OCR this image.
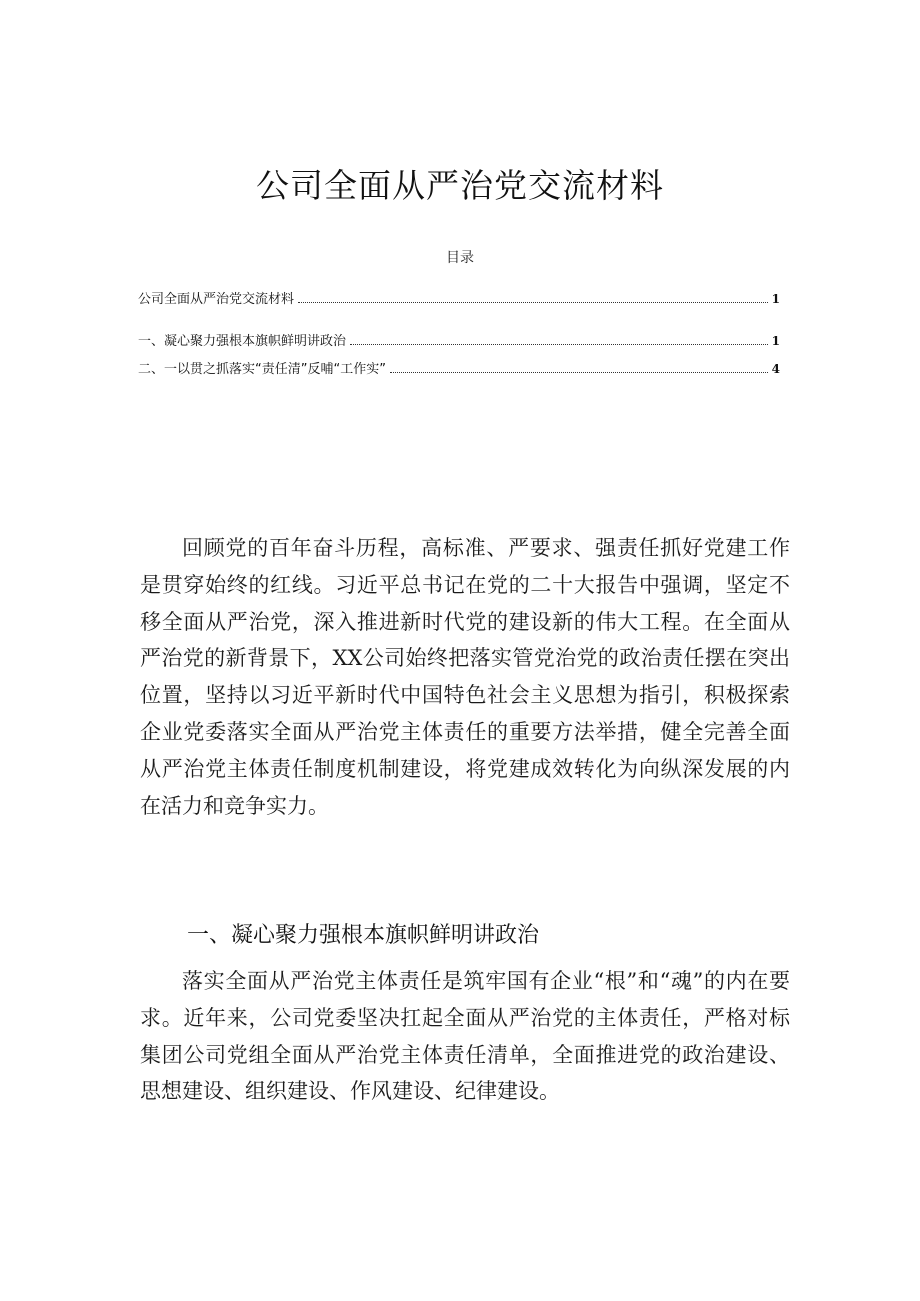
公司全面从严治党交流材料
目录
公司全面从严治党交流材料	1
一、凝心聚力强根本旗帜鲜明讲政治	1
二、一以贯之抓落实“责任清”反哺“工作实”	4

回顾党的百年奋斗历程，高标准、严要求、强责任抓好党建工作是贯穿始终的红线。习近平总书记在党的二十大报告中强调，坚定不移全面从严治党，深入推进新时代党的建设新的伟大工程。在全面从严治党的新背景下，XX公司始终把落实管党治党的政治责任摆在突出位置，坚持以习近平新时代中国特色社会主义思想为指引，积极探索企业党委落实全面从严治党主体责任的重要方法举措，健全完善全面从严治党主体责任制度机制建设，将党建成效转化为向纵深发展的内在活力和竞争实力。

一、凝心聚力强根本旗帜鲜明讲政治

落实全面从严治党主体责任是筑牢国有企业“根”和“魂”的内在要求。近年来，公司党委坚决扛起全面从严治党的主体责任，严格对标集团公司党组全面从严治党主体责任清单，全面推进党的政治建设、思想建设、组织建设、作风建设、纪律建设。
